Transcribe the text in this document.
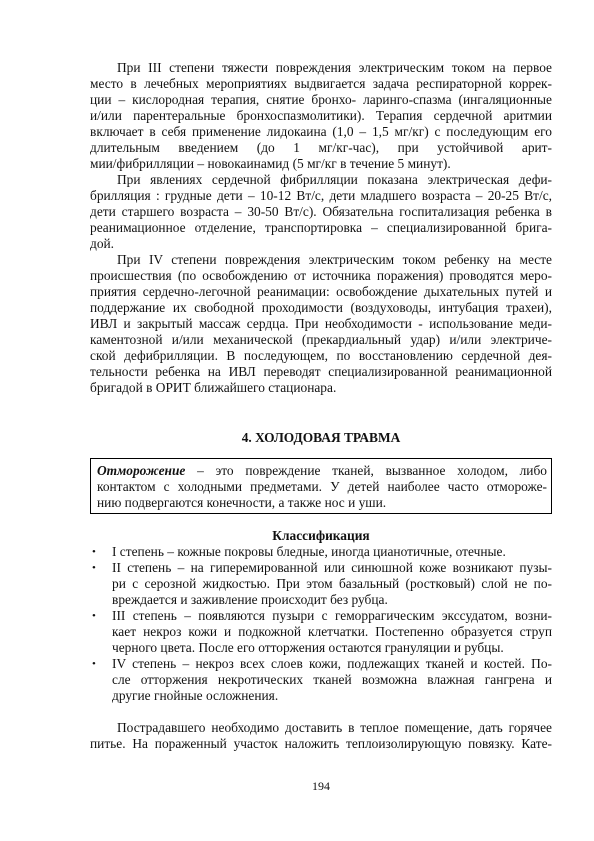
При III степени тяжести повреждения электрическим током на первое
место в лечебных мероприятиях выдвигается задача респираторной коррек-
ции – кислородная терапия, снятие бронхо- ларинго-спазма (ингаляционные
и/или парентеральные бронхоспазмолитики). Терапия сердечной аритмии
включает в себя применение лидокаина (1,0 – 1,5 мг/кг) с последующим его
длительным введением (до 1 мг/кг-час), при устойчивой арит-
мии/фибрилляции – новокаинамид (5 мг/кг в течение 5 минут).
При явлениях сердечной фибрилляции показана электрическая дефи-
брилляция : грудные дети – 10-12 Вт/с, дети младшего возраста – 20-25 Вт/с,
дети старшего возраста – 30-50 Вт/с). Обязательна госпитализация ребенка в
реанимационное отделение, транспортировка – специализированной брига-
дой.
При IV степени повреждения электрическим током ребенку на месте
происшествия (по освобождению от источника поражения) проводятся меро-
приятия сердечно-легочной реанимации: освобождение дыхательных путей и
поддержание их свободной проходимости (воздуховоды, интубация трахеи),
ИВЛ и закрытый массаж сердца. При необходимости - использование меди-
каментозной и/или механической (прекардиальный удар) и/или электриче-
ской дефибрилляции. В последующем, по восстановлению сердечной дея-
тельности ребенка на ИВЛ переводят специализированной реанимационной
бригадой в ОРИТ ближайшего стационара.
4. ХОЛОДОВАЯ ТРАВМА
Отморожение – это повреждение тканей, вызванное холодом, либо
контактом с холодными предметами. У детей наиболее часто отмороже-
нию подвергаются конечности, а также нос и уши.
Классификация
• I степень – кожные покровы бледные, иногда цианотичные, отечные.
• II степень – на гиперемированной или синюшной коже возникают пузы-
ри с серозной жидкостью. При этом базальный (ростковый) слой не по-
вреждается и заживление происходит без рубца.
• III степень – появляются пузыри с геморрагическим экссудатом, возни-
кает некроз кожи и подкожной клетчатки. Постепенно образуется струп
черного цвета. После его отторжения остаются грануляции и рубцы.
• IV степень – некроз всех слоев кожи, подлежащих тканей и костей. По-
сле отторжения некротических тканей возможна влажная гангрена и
другие гнойные осложнения.
Пострадавшего необходимо доставить в теплое помещение, дать горячее
питье. На пораженный участок наложить теплоизолирующую повязку. Кате-
194
